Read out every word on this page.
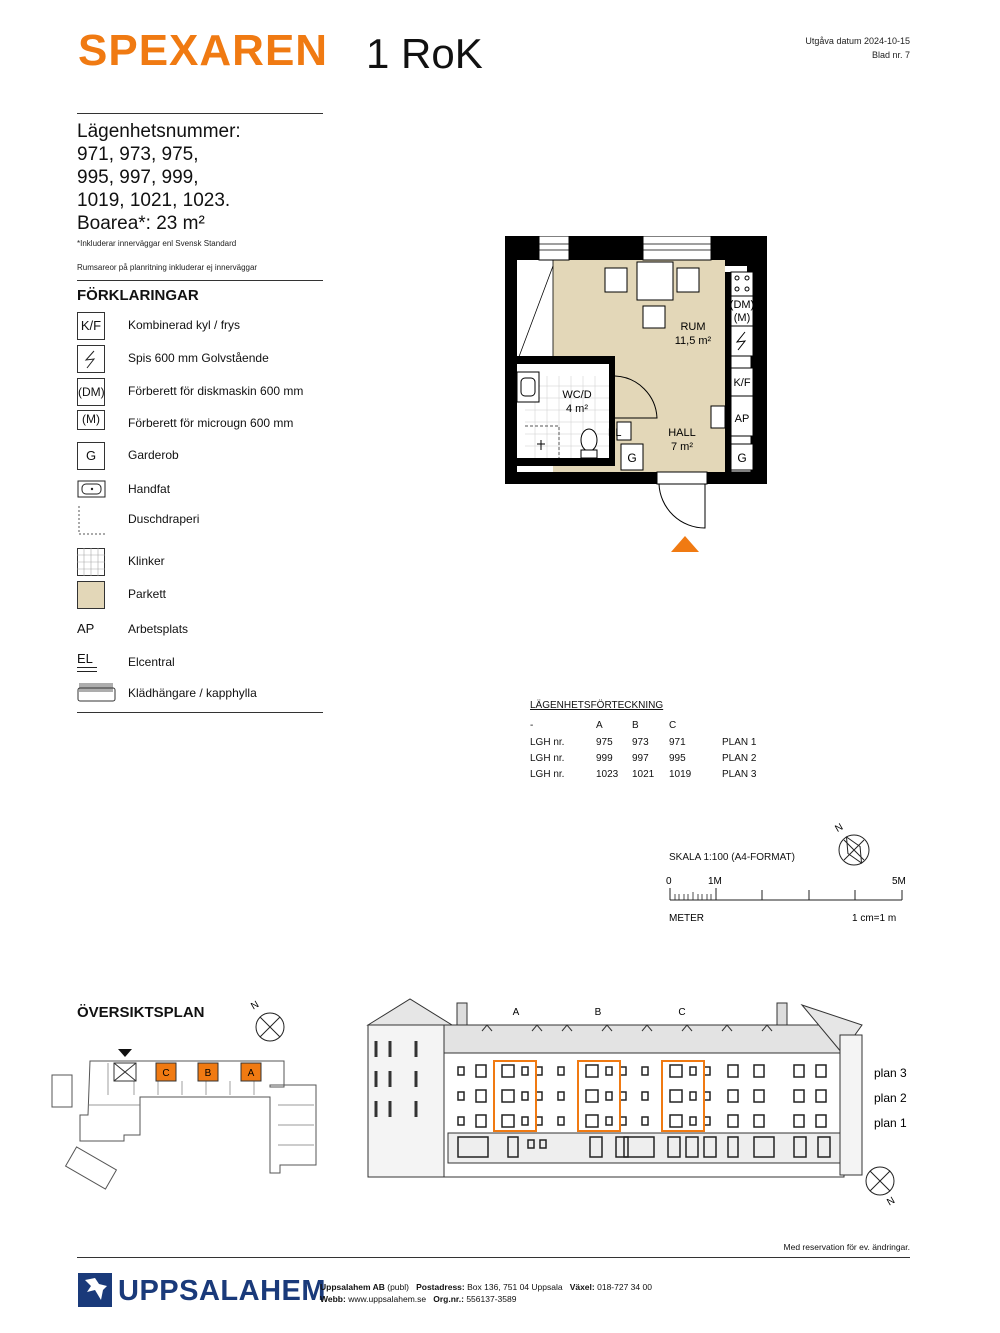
SPEXAREN 1 RoK	Utgåva datum 2024-10-15
Blad nr. 7
Lägenhetsnummer:
971, 973, 975,
995, 997, 999,
1019, 1021, 1023.
Boarea*: 23 m²
*Inkluderar innerväggar enl Svensk Standard
Rumsareor på planritning inkluderar ej innerväggar
FÖRKLARINGAR
K/F	Kombinerad kyl / frys
Spis 600 mm Golvstående
(DM) Förberett för diskmaskin 600 mm
(M)	Förberett för microugn 600 mm
G	Garderob
Handfat
Duschdraperi
Klinker
Parkett
AP	Arbetsplats
EL	Elcentral
Klädhängare / kapphylla
(DM)
(M)
K/F
AP
G	G
EL
RUM
11,5 m²
WC/D
4 m²
HALL
7 m²
LÄGENHETSFÖRTECKNING
-	A	B	C
LGH nr.	975 973 971	PLAN 1
LGH nr.	999 997 995	PLAN 2
LGH nr.	1023 1021 1019	PLAN 3
SKALA 1:100 (A4-FORMAT)
N
0	1M	5M
METER	1 cm=1 m
ÖVERSIKTSPLAN	N
C	B	A
A	B	C
plan 3
plan 2
plan 1
N
Med reservation för ev. ändringar.
UPPSALAHEM
Uppsalahem AB (publ) Postadress: Box 136, 751 04 Uppsala Växel: 018-727 34 00
Webb: www.uppsalahem.se Org.nr.: 556137-3589
